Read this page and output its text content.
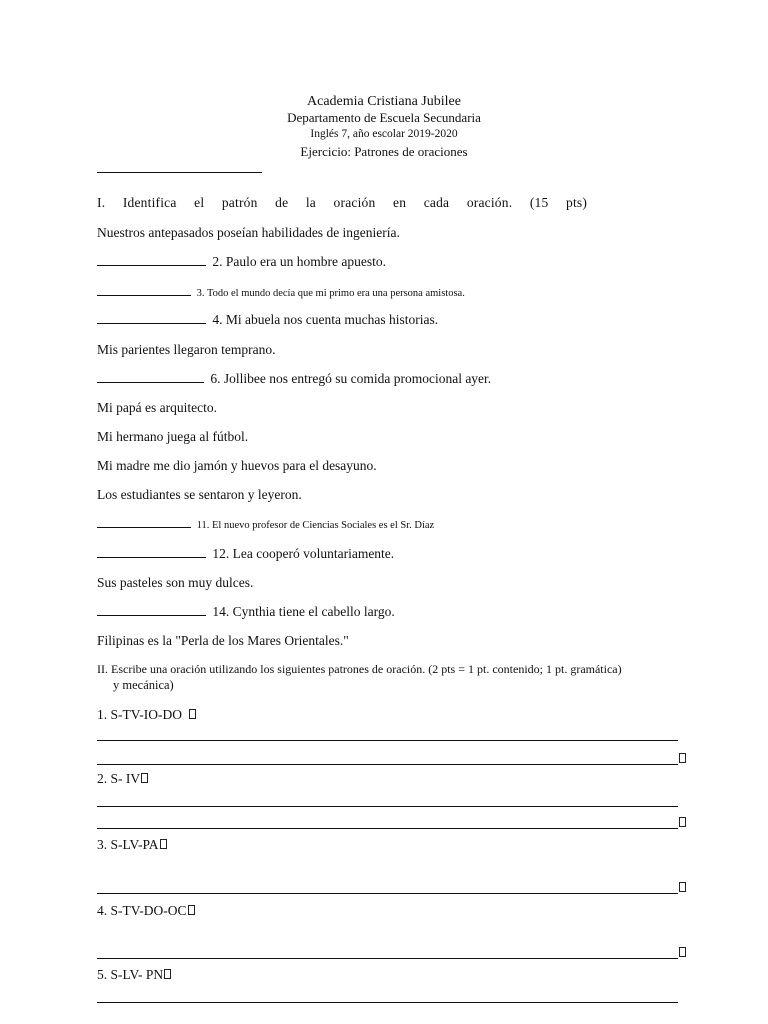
Academia Cristiana Jubilee
Departamento de Escuela Secundaria
Inglés 7, año escolar 2019-2020
Ejercicio: Patrones de oraciones
I. Identifica el patrón de la oración en cada oración. (15 pts)
Nuestros antepasados poseían habilidades de ingeniería.
2. Paulo era un hombre apuesto.
3. Todo el mundo decía que mi primo era una persona amistosa.
4. Mi abuela nos cuenta muchas historias.
Mis parientes llegaron temprano.
6. Jollibee nos entregó su comida promocional ayer.
Mi papá es arquitecto.
Mi hermano juega al fútbol.
Mi madre me dio jamón y huevos para el desayuno.
Los estudiantes se sentaron y leyeron.
11. El nuevo profesor de Ciencias Sociales es el Sr. Díaz
12. Lea cooperó voluntariamente.
Sus pasteles son muy dulces.
14. Cynthia tiene el cabello largo.
Filipinas es la "Perla de los Mares Orientales."
II. Escribe una oración utilizando los siguientes patrones de oración. (2 pts = 1 pt. contenido; 1 pt. gramática)
y mecánica)
1. S-TV-IO-DO
2. S- IV
3. S-LV-PA
4. S-TV-DO-OC
5. S-LV- PN
